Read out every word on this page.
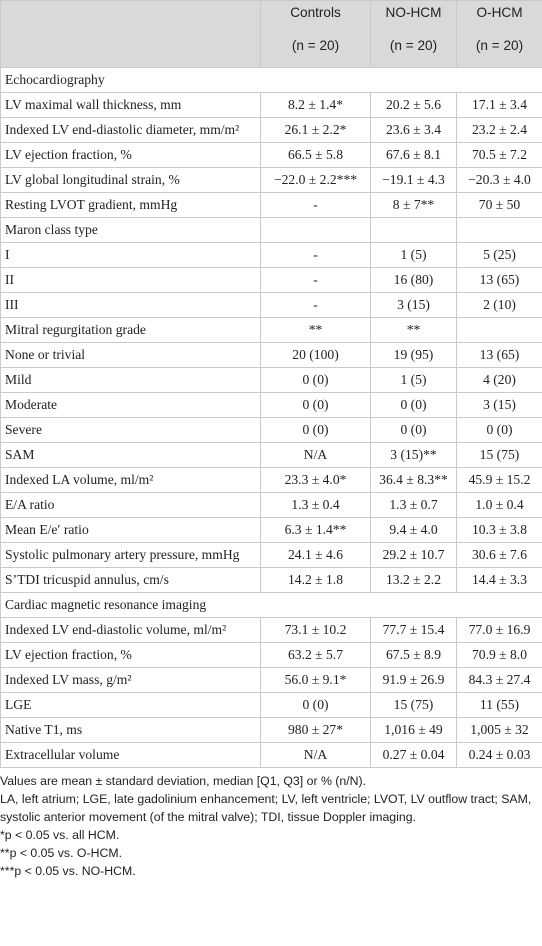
	Controls	NO-HCM	O-HCM
	(n = 20)	(n = 20)	(n = 20)
Echocardiography			
LV maximal wall thickness, mm	8.2 ± 1.4*	20.2 ± 5.6	17.1 ± 3.4
Indexed LV end-diastolic diameter, mm/m²	26.1 ± 2.2*	23.6 ± 3.4	23.2 ± 2.4
LV ejection fraction, %	66.5 ± 5.8	67.6 ± 8.1	70.5 ± 7.2
LV global longitudinal strain, %	−22.0 ± 2.2***	−19.1 ± 4.3	−20.3 ± 4.0
Resting LVOT gradient, mmHg	-	8 ± 7**	70 ± 50
Maron class type			
I	-	1 (5)	5 (25)
II	-	16 (80)	13 (65)
III	-	3 (15)	2 (10)
Mitral regurgitation grade	**	**	
None or trivial	20 (100)	19 (95)	13 (65)
Mild	0 (0)	1 (5)	4 (20)
Moderate	0 (0)	0 (0)	3 (15)
Severe	0 (0)	0 (0)	0 (0)
SAM	N/A	3 (15)**	15 (75)
Indexed LA volume, ml/m²	23.3 ± 4.0*	36.4 ± 8.3**	45.9 ± 15.2
E/A ratio	1.3 ± 0.4	1.3 ± 0.7	1.0 ± 0.4
Mean E/e′ ratio	6.3 ± 1.4**	9.4 ± 4.0	10.3 ± 3.8
Systolic pulmonary artery pressure, mmHg	24.1 ± 4.6	29.2 ± 10.7	30.6 ± 7.6
S’TDI tricuspid annulus, cm/s	14.2 ± 1.8	13.2 ± 2.2	14.4 ± 3.3
Cardiac magnetic resonance imaging			
Indexed LV end-diastolic volume, ml/m²	73.1 ± 10.2	77.7 ± 15.4	77.0 ± 16.9
LV ejection fraction, %	63.2 ± 5.7	67.5 ± 8.9	70.9 ± 8.0
Indexed LV mass, g/m²	56.0 ± 9.1*	91.9 ± 26.9	84.3 ± 27.4
LGE	0 (0)	15 (75)	11 (55)
Native T1, ms	980 ± 27*	1,016 ± 49	1,005 ± 32
Extracellular volume	N/A	0.27 ± 0.04	0.24 ± 0.03
Values are mean ± standard deviation, median [Q1, Q3] or % (n/N).
LA, left atrium; LGE, late gadolinium enhancement; LV, left ventricle; LVOT, LV outflow tract; SAM, systolic anterior movement (of the mitral valve); TDI, tissue Doppler imaging.
*p < 0.05 vs. all HCM.
**p < 0.05 vs. O-HCM.
***p < 0.05 vs. NO-HCM.
